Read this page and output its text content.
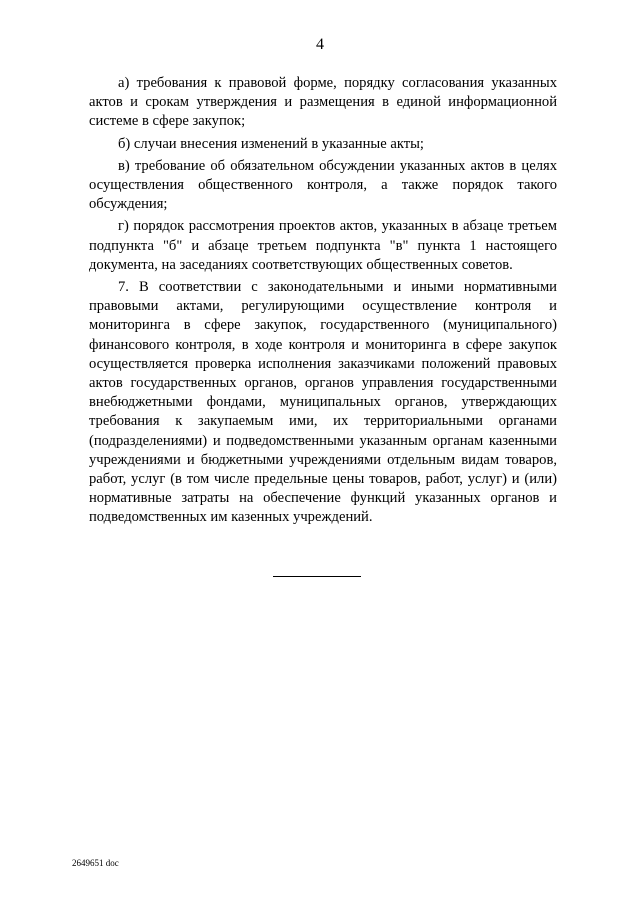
4

а) требования к правовой форме, порядку согласования указанных актов и срокам утверждения и размещения в единой информационной системе в сфере закупок;

б) случаи внесения изменений в указанные акты;

в) требование об обязательном обсуждении указанных актов в целях осуществления общественного контроля, а также порядок такого обсуждения;

г) порядок рассмотрения проектов актов, указанных в абзаце третьем подпункта "б" и абзаце третьем подпункта "в" пункта 1 настоящего документа, на заседаниях соответствующих общественных советов.

7. В соответствии с законодательными и иными нормативными правовыми актами, регулирующими осуществление контроля и мониторинга в сфере закупок, государственного (муниципального) финансового контроля, в ходе контроля и мониторинга в сфере закупок осуществляется проверка исполнения заказчиками положений правовых актов государственных органов, органов управления государственными внебюджетными фондами, муниципальных органов, утверждающих требования к закупаемым ими, их территориальными органами (подразделениями) и подведомственными указанным органам казенными учреждениями и бюджетными учреждениями отдельным видам товаров, работ, услуг (в том числе предельные цены товаров, работ, услуг) и (или) нормативные затраты на обеспечение функций указанных органов и подведомственных им казенных учреждений.

2649651 doc
